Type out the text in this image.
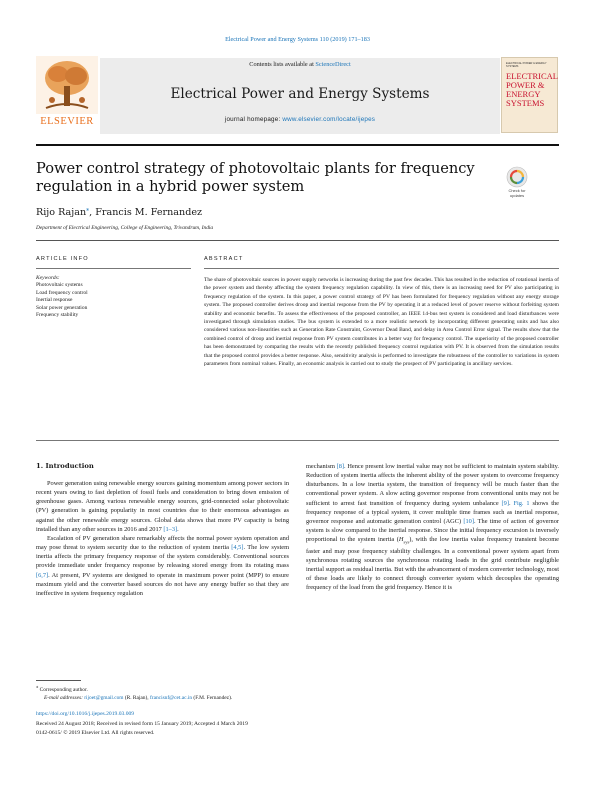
Electrical Power and Energy Systems 110 (2019) 171–183
ELSEVIER
Contents lists available at ScienceDirect
Electrical Power and Energy Systems
journal homepage: www.elsevier.com/locate/ijepes
ELECTRICAL POWER & ENERGY SYSTEMS
ELECTRICAL POWER & ENERGY SYSTEMS
Power control strategy of photovoltaic plants for frequency regulation in a hybrid power system	Check for updates
Rijo Rajan⁎, Francis M. Fernandez
Department of Electrical Engineering, College of Engineering, Trivandrum, India
ARTICLE INFO
Keywords:
Photovoltaic systems
Load frequency control
Inertial response
Solar power generation
Frequency stability
ABSTRACT
The share of photovoltaic sources in power supply networks is increasing during the past few decades. This has resulted in the reduction of rotational inertia of the power system and thereby affecting the system frequency regulation capability. In view of this, there is an increasing need for PV also participating in frequency regulation of the system. In this paper, a power control strategy of PV has been formulated for frequency regulation without any energy storage system. The proposed controller derives droop and inertial response from the PV by operating it at a reduced level of power reserve without forfeiting system stability and economic benefits. To assess the effectiveness of the proposed controller, an IEEE 14-bus test system is considered and load disturbances were investigated through simulation studies. The bus system is extended to a more realistic network by incorporating different generating units and has also considered various non-linearities such as Generation Rate Constraint, Governor Dead Band, and delay in Area Control Error signal. The results show that the combined control of droop and inertial response from PV system contributes in a better way for frequency control. The superiority of the proposed controller has been demonstrated by comparing the results with the recently published frequency control regulation with PV. It is observed from the simulation results that the proposed control provides a better response. Also, sensitivity analysis is performed to investigate the robustness of the controller to variations in system parameters from nominal values. Finally, an economic analysis is carried out to study the prospect of PV participating in ancillary services.
1. Introduction

Power generation using renewable energy sources gaining momentum among power sectors in recent years owing to fast depletion of fossil fuels and consideration to bring down emission of greenhouse gases. Among various renewable energy sources, grid-connected solar photovoltaic (PV) generation is gaining popularity in most countries due to their enormous advantages as against the other renewable energy sources. Global data shows that more PV capacity is being installed than any other sources in 2016 and 2017 [1–3].

Escalation of PV generation share remarkably affects the normal power system operation and may pose threat to system security due to the reduction of system inertia [4,5]. The low system inertia affects the primary frequency response of the system considerably. Conventional sources provide immediate under frequency response by releasing stored energy from its rotating mass [6,7]. At present, PV systems are designed to operate in maximum power point (MPP) to ensure maximum yield and the converter based sources do not have any energy buffer so that they are ineffective in system frequency regulation

mechanism [8]. Hence present low inertial value may not be sufficient to maintain system stability. Reduction of system inertia affects the inherent ability of the power system to overcome frequency disturbances. In a low inertia system, the transition of frequency will be much faster than the conventional power system. A slow acting governor response from conventional units may not be sufficient to arrest fast transition of frequency during system unbalance [9]. Fig. 1 shows the frequency response of a typical system, it cover multiple time frames such as inertial response, governor response and automatic generation control (AGC) [10]. The time of action of governor system is slow compared to the inertial response. Since the initial frequency excursion is inversely proportional to the system inertia $(H_{sys})$, with the low inertia value frequency transient become faster and may pose frequency stability challenges. In a conventional power system apart from synchronous rotating sources the synchronous rotating loads in the grid contribute negligible inertial support as residual inertia. But with the advancement of modern converter technology, most of these loads are likely to connect through converter system which decouples the operating frequency of the load from the grid frequency. Hence it is

⁎ Corresponding author.
E-mail addresses: rijoet@gmail.com (R. Rajan), francisnf@cet.ac.in (F.M. Fernandez).
https://doi.org/10.1016/j.ijepes.2019.03.009
Received 24 August 2018; Received in revised form 15 January 2019; Accepted 4 March 2019
0142-0615/ © 2019 Elsevier Ltd. All rights reserved.
